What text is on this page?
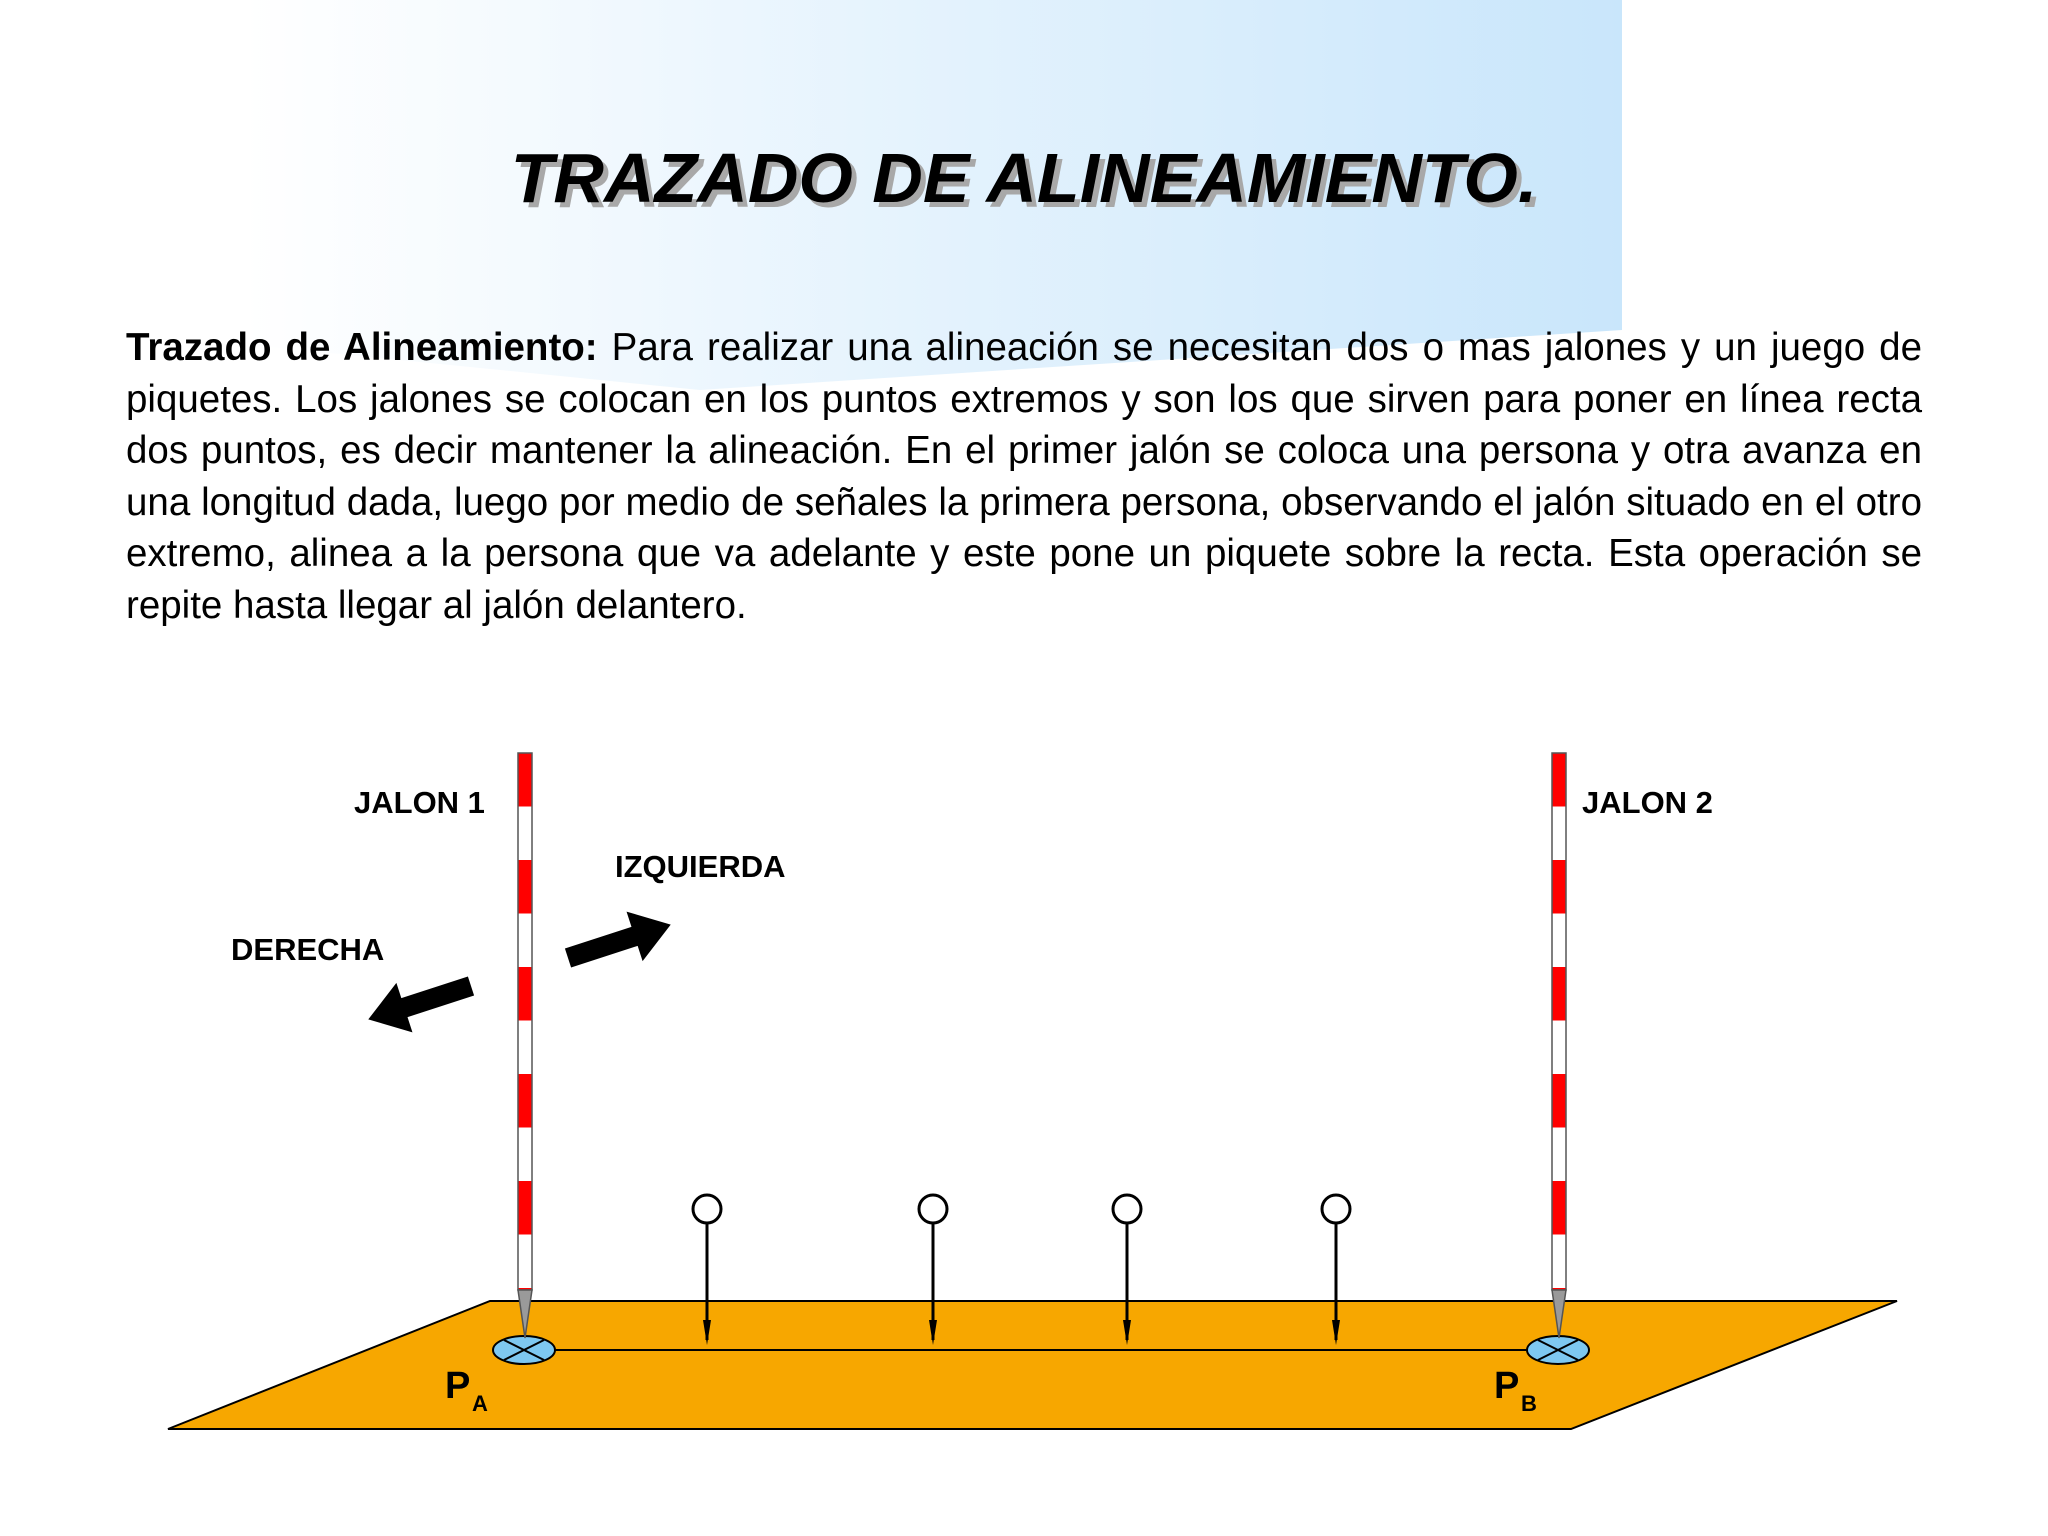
TRAZADO DE ALINEAMIENTO.

Trazado de Alineamiento: Para realizar una alineación se necesitan dos o mas jalones y un juego de piquetes. Los jalones se colocan en los puntos extremos y son los que sirven para poner en línea recta dos puntos, es decir mantener la alineación. En el primer jalón se coloca una persona y otra avanza en una longitud dada, luego por medio de señales la primera persona, observando el jalón situado en el otro extremo, alinea a la persona que va adelante y este pone un piquete sobre la recta. Esta operación se repite hasta llegar al jalón delantero.

JALON 1	JALON 2
IZQUIERDA
DERECHA
P A	P B
